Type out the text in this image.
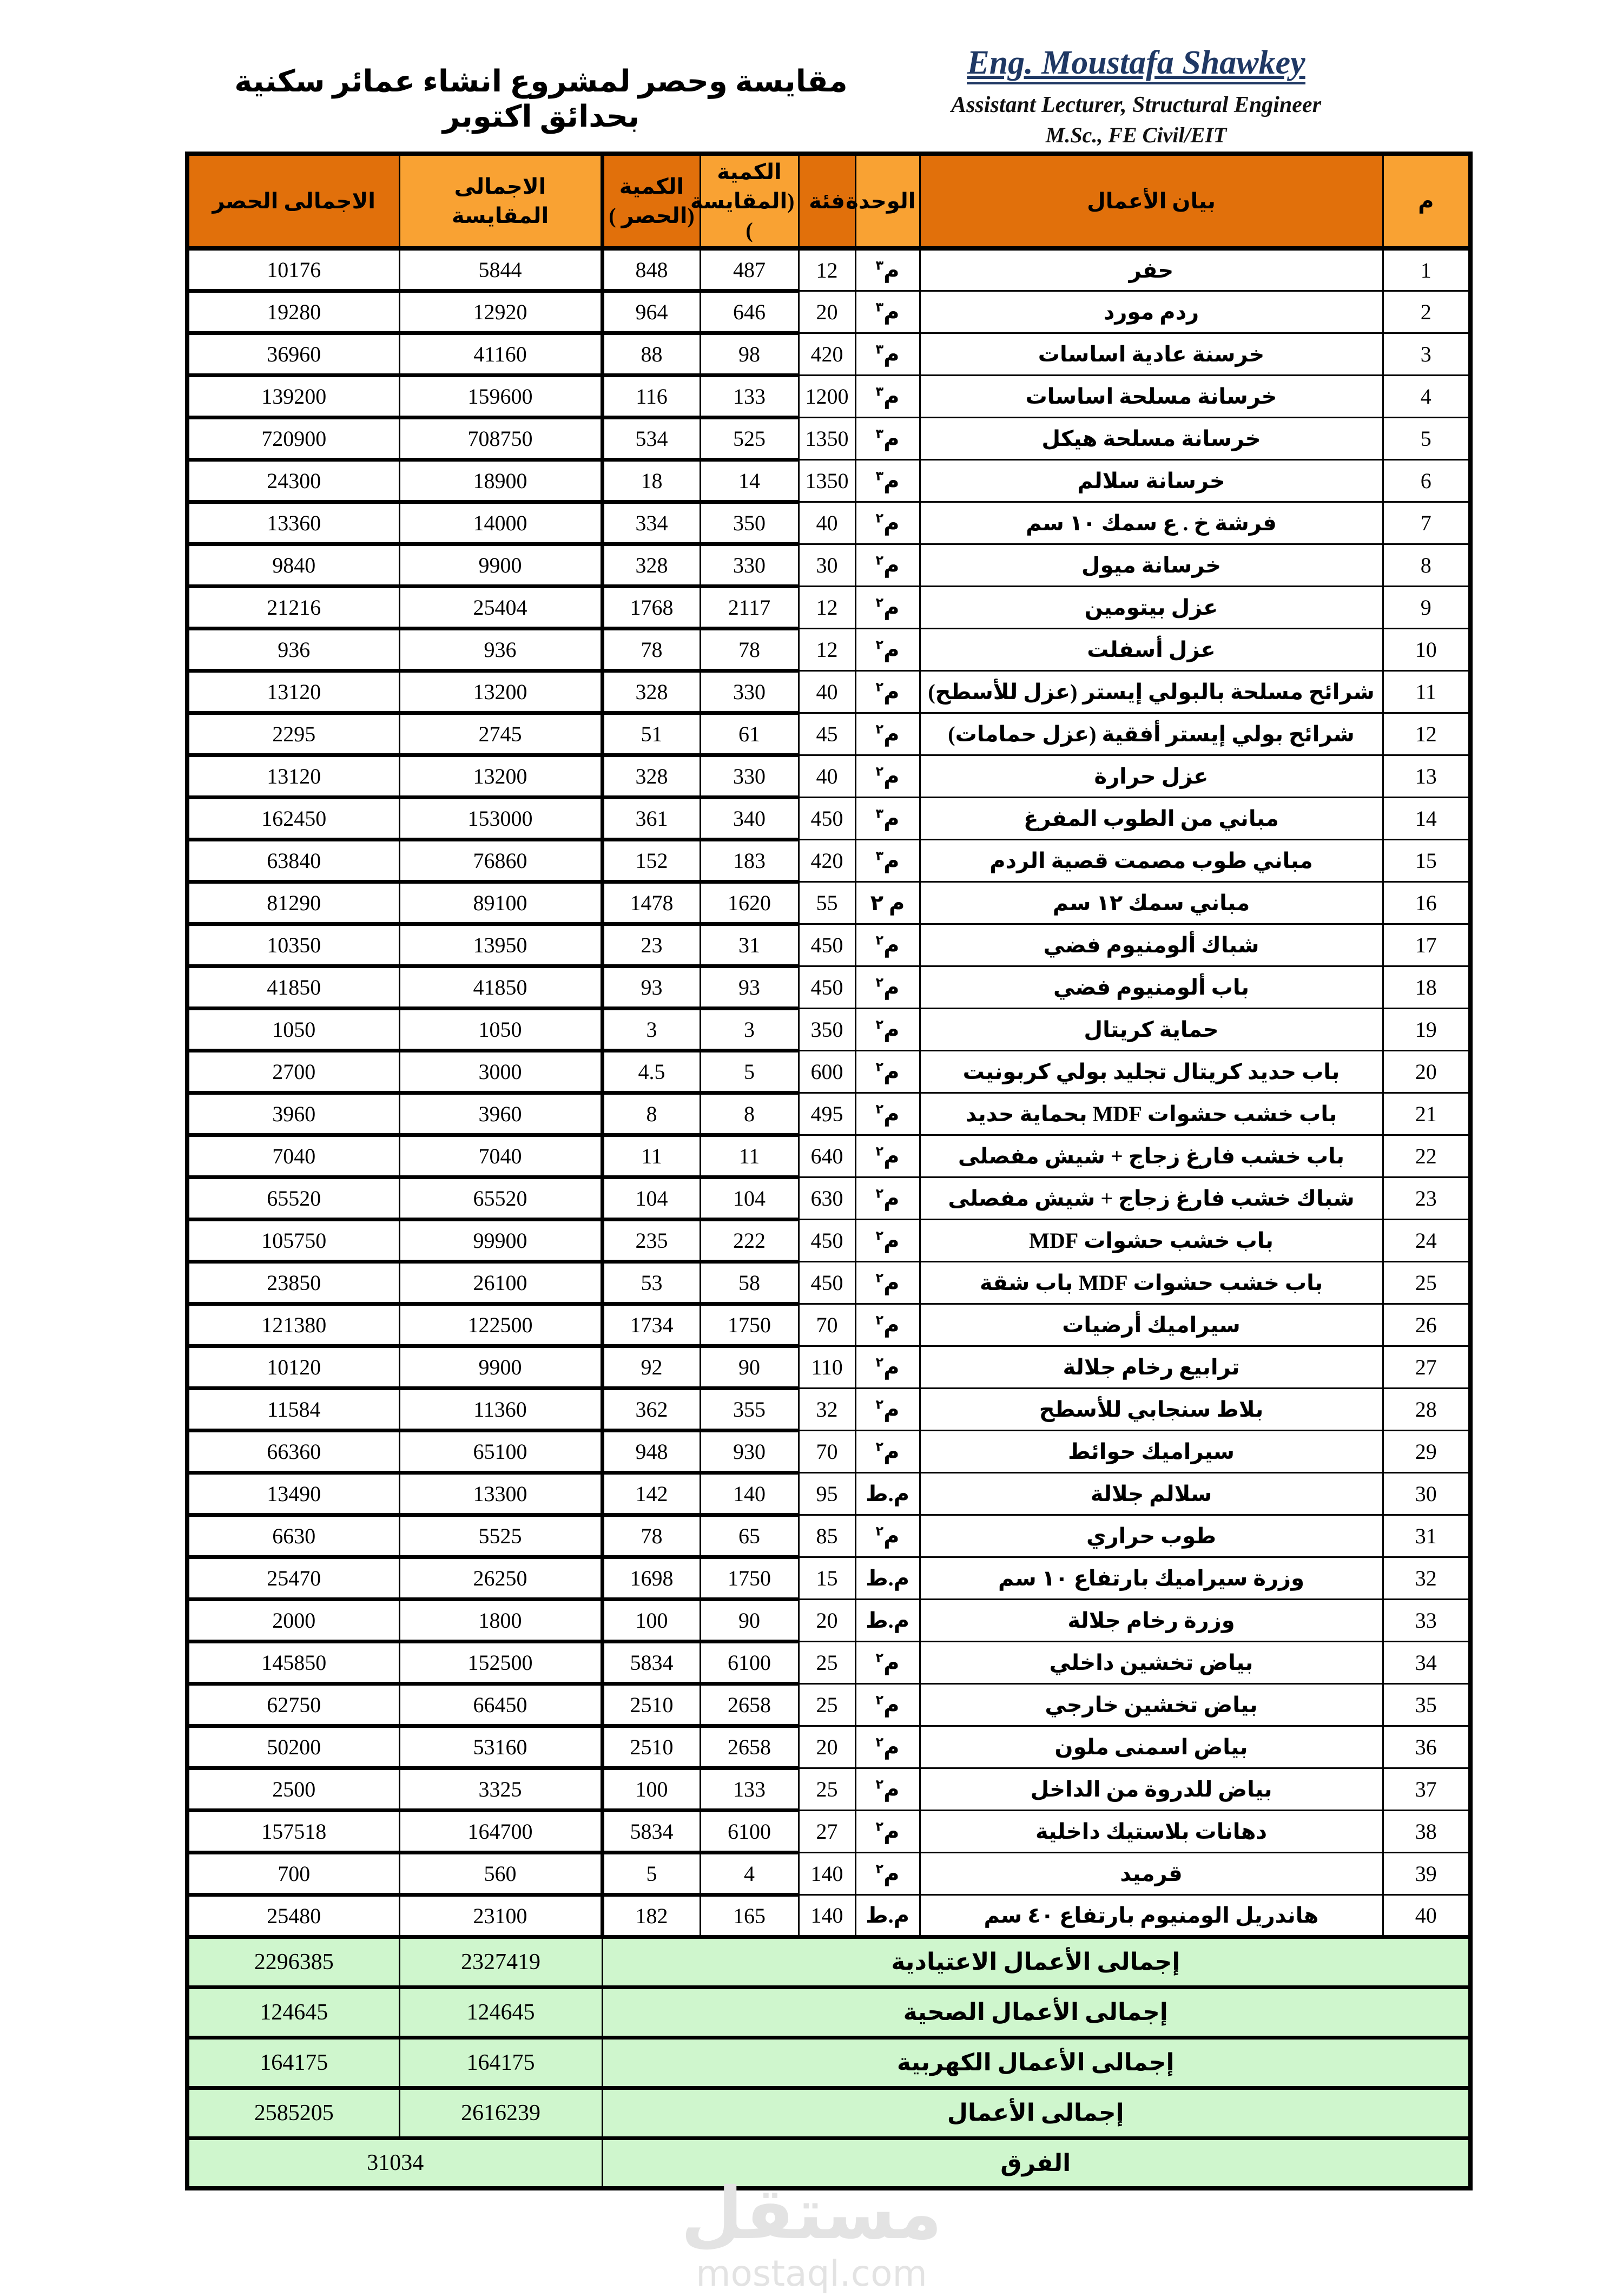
مقايسة وحصر لمشروع انشاء عمائر سكنية بحدائق اكتوبر
Eng. Moustafa Shawkey
Assistant Lecturer, Structural Engineer
M.Sc., FE Civil/EIT
م	بيان الأعمال	الوحدة	فئة	الكمية (المقايسة )	الكمية (الحصر )	الاجمالى المقايسة	الاجمالى الحصر
1	حفر	م$^٣$	12	487	848	5844	10176
2	ردم مورد	م$^٣$	20	646	964	12920	19280
3	خرسنة عادية اساسات	م$^٣$	420	98	88	41160	36960
4	خرسانة مسلحة اساسات	م$^٣$	1200	133	116	159600	139200
5	خرسانة مسلحة هيكل	م$^٣$	1350	525	534	708750	720900
6	خرسانة سلالم	م$^٣$	1350	14	18	18900	24300
7	فرشة خ . ع سمك ١٠ سم	م$^٢$	40	350	334	14000	13360
8	خرسانة ميول	م$^٢$	30	330	328	9900	9840
9	عزل بيتومين	م$^٢$	12	2117	1768	25404	21216
10	عزل أسفلت	م$^٢$	12	78	78	936	936
11	شرائح مسلحة بالبولي إيستر (عزل للأسطح)	م$^٢$	40	330	328	13200	13120
12	شرائح بولي إيستر أفقية (عزل حمامات)	م$^٢$	45	61	51	2745	2295
13	عزل حرارة	م$^٢$	40	330	328	13200	13120
14	مباني من الطوب المفرغ	م$^٣$	450	340	361	153000	162450
15	مباني طوب مصمت قصية الردم	م$^٣$	420	183	152	76860	63840
16	مباني سمك ١٢ سم	م ٢	55	1620	1478	89100	81290
17	شباك ألومنيوم فضي	م$^٢$	450	31	23	13950	10350
18	باب ألومنيوم فضي	م$^٢$	450	93	93	41850	41850
19	حماية كريتال	م$^٢$	350	3	3	1050	1050
20	باب حديد كريتال تجليد بولي كربونيت	م$^٢$	600	5	4.5	3000	2700
21	باب خشب حشوات MDF بحماية حديد	م$^٢$	495	8	8	3960	3960
22	باب خشب فارغ زجاج + شيش مفصلى	م$^٢$	640	11	11	7040	7040
23	شباك خشب فارغ زجاج + شيش مفصلى	م$^٢$	630	104	104	65520	65520
24	باب خشب حشوات MDF	م$^٢$	450	222	235	99900	105750
25	باب خشب حشوات MDF باب شقة	م$^٢$	450	58	53	26100	23850
26	سيراميك أرضيات	م$^٢$	70	1750	1734	122500	121380
27	ترابيع رخام جلالة	م$^٢$	110	90	92	9900	10120
28	بلاط سنجابي للأسطح	م$^٢$	32	355	362	11360	11584
29	سيراميك حوائط	م$^٢$	70	930	948	65100	66360
30	سلالم جلالة	م.ط	95	140	142	13300	13490
31	طوب حراري	م$^٢$	85	65	78	5525	6630
32	وزرة سيراميك بارتفاع ١٠ سم	م.ط	15	1750	1698	26250	25470
33	وزرة رخام جلالة	م.ط	20	90	100	1800	2000
34	بياض تخشين داخلي	م$^٢$	25	6100	5834	152500	145850
35	بياض تخشين خارجي	م$^٢$	25	2658	2510	66450	62750
36	بياض اسمنى ملون	م$^٢$	20	2658	2510	53160	50200
37	بياض للدروة من الداخل	م$^٢$	25	133	100	3325	2500
38	دهانات بلاستيك داخلية	م$^٢$	27	6100	5834	164700	157518
39	قرميد	م$^٢$	140	4	5	560	700
40	هاندريل الومنيوم بارتفاع ٤٠ سم	م.ط	140	165	182	23100	25480
إجمالى الأعمال الاعتيادية						2327419	2296385
إجمالى الأعمال الصحية						124645	124645
إجمالى الأعمال الكهربية						164175	164175
إجمالى الأعمال						2616239	2585205
الفرق						31034	
مستقل
mostaql.com
